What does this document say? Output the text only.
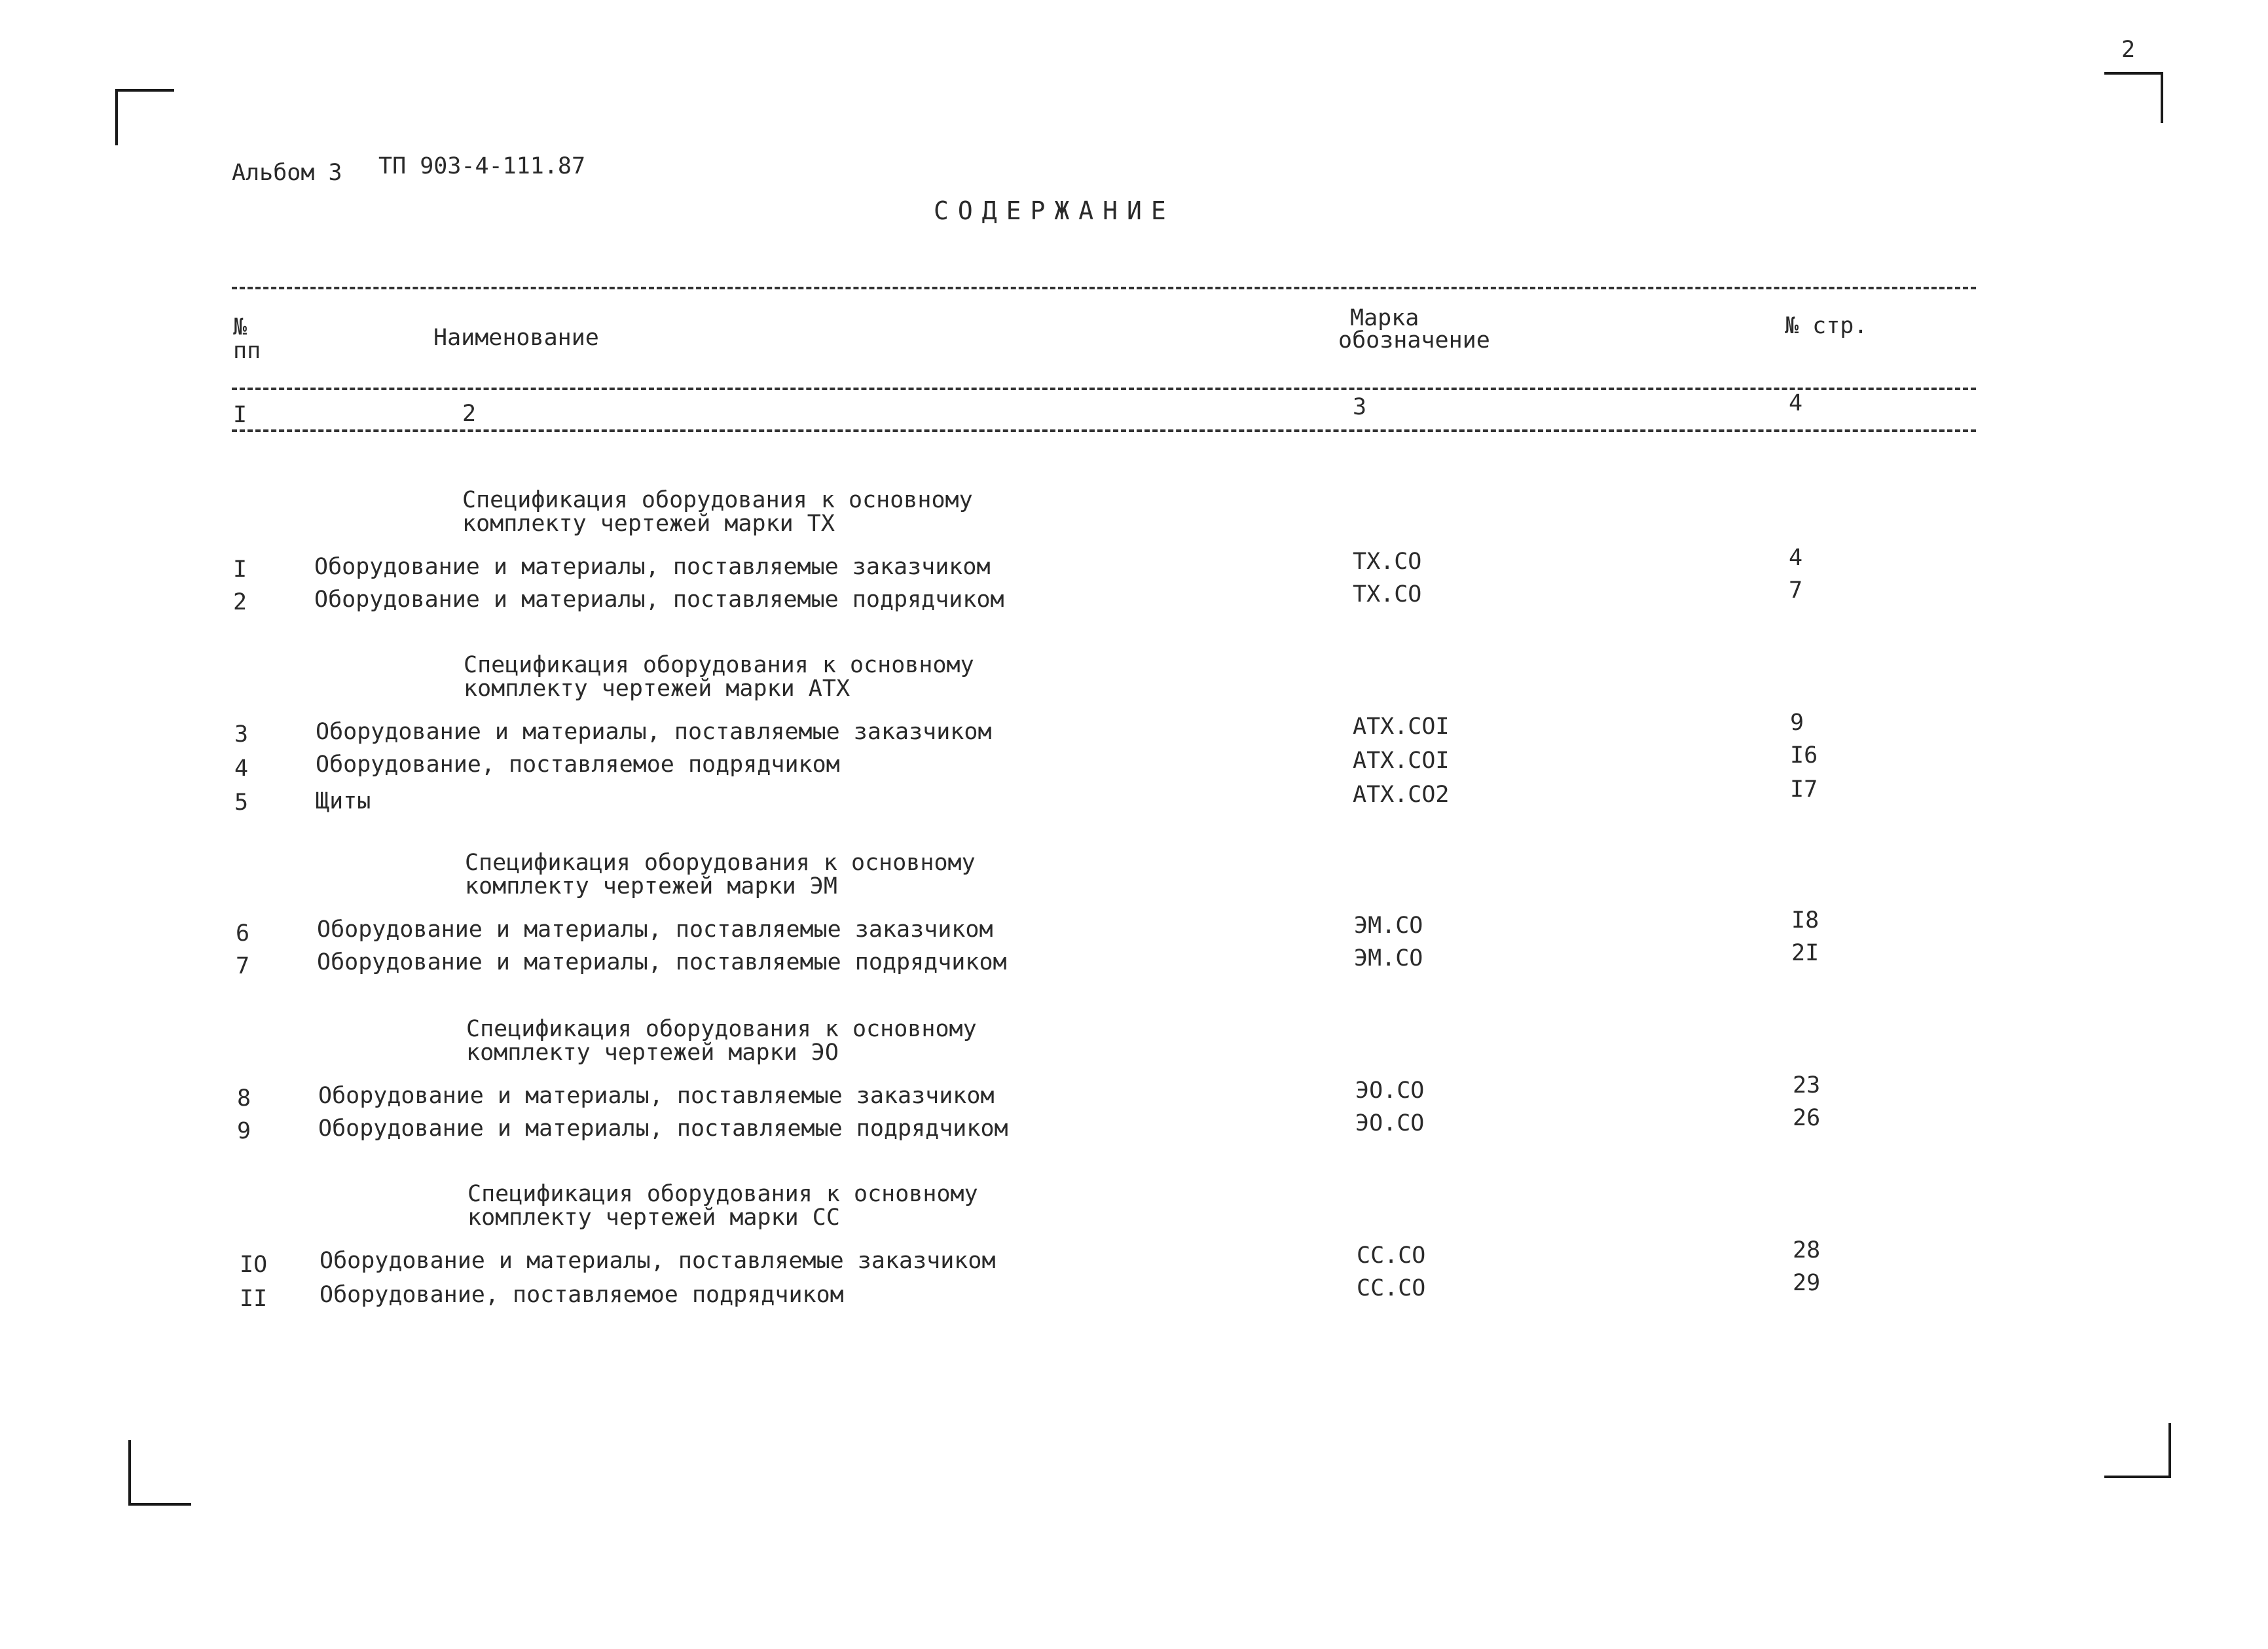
2
Альбом 3 ТП 903-4-111.87
СОДЕРЖАНИЕ
№
пп	Наименование
Марка
обозначение
№ стр.
I	2	3	4
Спецификация оборудования к основному
комплекту чертежей марки ТХ
I	Оборудование и материалы, поставляемые заказчиком	ТХ.СО	4
2	Оборудование и материалы, поставляемые подрядчиком	ТХ.СО	7
Спецификация оборудования к основному
комплекту чертежей марки АТХ
3	Оборудование и материалы, поставляемые заказчиком	АТХ.СОI	9
4	Оборудование, поставляемое подрядчиком	АТХ.СОI	I6
5	Щиты	АТХ.СО2	I7
Спецификация оборудования к основному
комплекту чертежей марки ЭМ
6	Оборудование и материалы, поставляемые заказчиком	ЭМ.СО	I8
7	Оборудование и материалы, поставляемые подрядчиком	ЭМ.СО	2I
Спецификация оборудования к основному
комплекту чертежей марки ЭО
8	Оборудование и материалы, поставляемые заказчиком	ЭО.СО	23
9	Оборудование и материалы, поставляемые подрядчиком	ЭО.СО	26
Спецификация оборудования к основному
комплекту чертежей марки СС
IO Оборудование и материалы, поставляемые заказчиком	СС.СО	28
II Оборудование, поставляемое подрядчиком	СС.СО	29
